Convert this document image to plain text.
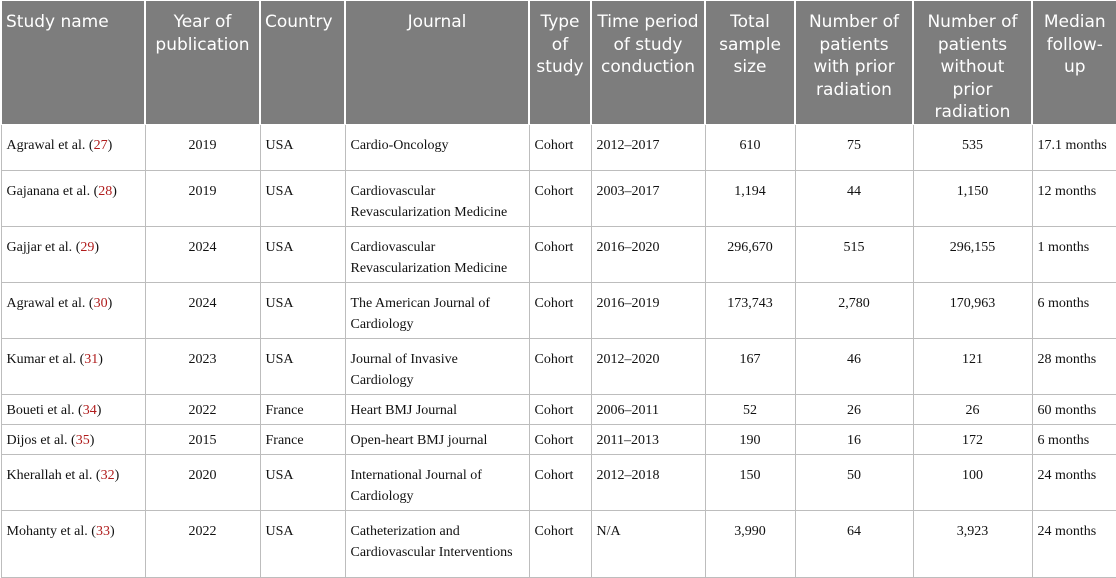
Study name	Year of publication	Country	Journal	Type of study	Time period of study conduction	Total sample size	Number of patients with prior radiation	Number of patients without prior radiation	Median follow-up
Agrawal et al. (27)	2019	USA	Cardio-Oncology	Cohort	2012–2017	610	75	535	17.1 months
Gajanana et al. (28)	2019	USA	Cardiovascular Revascularization Medicine	Cohort	2003–2017	1,194	44	1,150	12 months
Gajjar et al. (29)	2024	USA	Cardiovascular Revascularization Medicine	Cohort	2016–2020	296,670	515	296,155	1 months
Agrawal et al. (30)	2024	USA	The American Journal of Cardiology	Cohort	2016–2019	173,743	2,780	170,963	6 months
Kumar et al. (31)	2023	USA	Journal of Invasive Cardiology	Cohort	2012–2020	167	46	121	28 months
Boueti et al. (34)	2022	France	Heart BMJ Journal	Cohort	2006–2011	52	26	26	60 months
Dijos et al. (35)	2015	France	Open-heart BMJ journal	Cohort	2011–2013	190	16	172	6 months
Kherallah et al. (32)	2020	USA	International Journal of Cardiology	Cohort	2012–2018	150	50	100	24 months
Mohanty et al. (33)	2022	USA	Catheterization and Cardiovascular Interventions	Cohort	N/A	3,990	64	3,923	24 months
